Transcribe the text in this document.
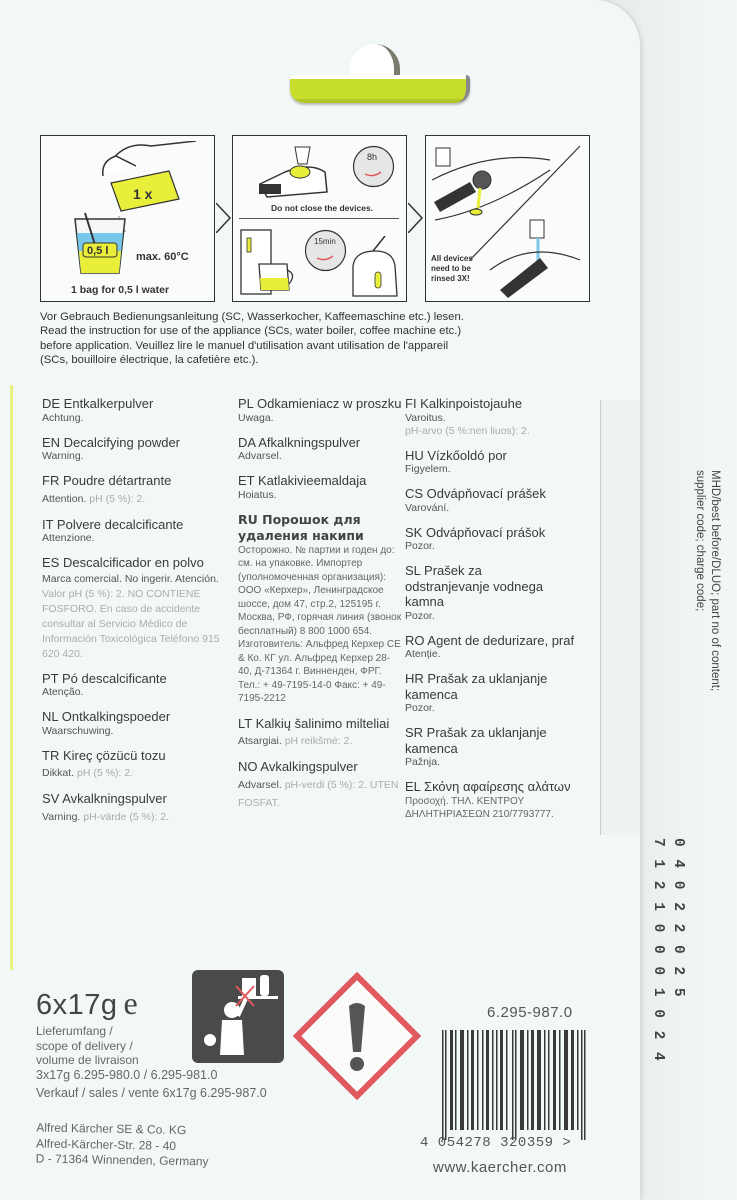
1 x
0,5 l	max. 60°C
1 bag for 0,5 l water
8h
Do not close the devices.
15min
All devices
need to be
rinsed 3X!
Vor Gebrauch Bedienungsanleitung (SC, Wasserkocher, Kaffeemaschine etc.) lesen.
Read the instruction for use of the appliance (SCs, water boiler, coffee machine etc.)
before application. Veuillez lire le manuel d'utilisation avant utilisation de l'appareil
(SCs, bouilloire électrique, la cafetière etc.).
DE Entkalkerpulver
Achtung.
EN Decalcifying powder
Warning.
FR Poudre détartrante
Attention. pH (5 %): 2.
IT Polvere decalcificante
Attenzione.
ES Descalcificador en polvo
Marca comercial. No ingerir. Atención. Valor pH (5 %): 2. NO CONTIENE FOSFORO. En caso de accidente consultar al Servicio Médico de Información Toxicológica Teléfono 915 620 420.
PT Pó descalcificante
Atenção.
NL Ontkalkingspoeder
Waarschuwing.
TR Kireç çözücü tozu
Dikkat. pH (5 %): 2.
SV Avkalkningspulver
Varning. pH-värde (5 %): 2.
PL Odkamieniacz w proszku
Uwaga.
DA Afkalkningspulver
Advarsel.
ET Katlakivieemaldaja
Hoiatus.
RU Порошок для удаления накипи
Осторожно. № партии и годен до: см. на упаковке. Импортер (уполномоченная организация): ООО «Керхер», Ленинградское шоссе, дом 47, стр.2, 125195 г. Москва, РФ, горячая линия (звонок бесплатный) 8 800 1000 654. Изготовитель: Альфред Керхер СЕ & Ко. КГ ул. Альфред Керхер 28-40, Д-71364 г. Винненден, ФРГ. Тел.: + 49-7195-14-0 Факс: + 49-7195-2212
LT Kalkių šalinimo milteliai
Atsargiai. pH reikšmė: 2.
NO Avkalkingspulver
Advarsel. pH-verdi (5 %): 2. UTEN FOSFAT.
FI Kalkinpoistojauhe
Varoitus.
pH-arvo (5 %:nen liuos): 2.
HU Vízkőoldó por
Figyelem.
CS Odvápňovací prášek
Varování.
SK Odvápňovací prášok
Pozor.
SL Prašek za odstranjevanje vodnega kamna
Pozor.
RO Agent de dedurizare, praf
Atenție.
HR Prašak za uklanjanje kamenca
Pozor.
SR Prašak za uklanjanje kamenca
Pažnja.
EL Σκόνη αφαίρεσης αλάτων
Προσοχή. ΤΗΛ. ΚΕΝΤΡΟΥ ΔΗΛΗΤΗΡΙΑΣΕΩΝ 210/7793777.
MHD/best before/DLUO; part no of content;
supplier code; charge code;
0 4 0 2 2 0 2 5
7 1 2 1 0 0 0 1 0 2 4
6x17g e
Lieferumfang /
scope of delivery /
volume de livraison
3x17g 6.295-980.0 / 6.295-981.0
Verkauf / sales / vente 6x17g 6.295-987.0
Alfred Kärcher SE & Co. KG
Alfred-Kärcher-Str. 28 - 40
D - 71364 Winnenden, Germany
6.295-987.0
4 054278 320359 >
www.kaercher.com
